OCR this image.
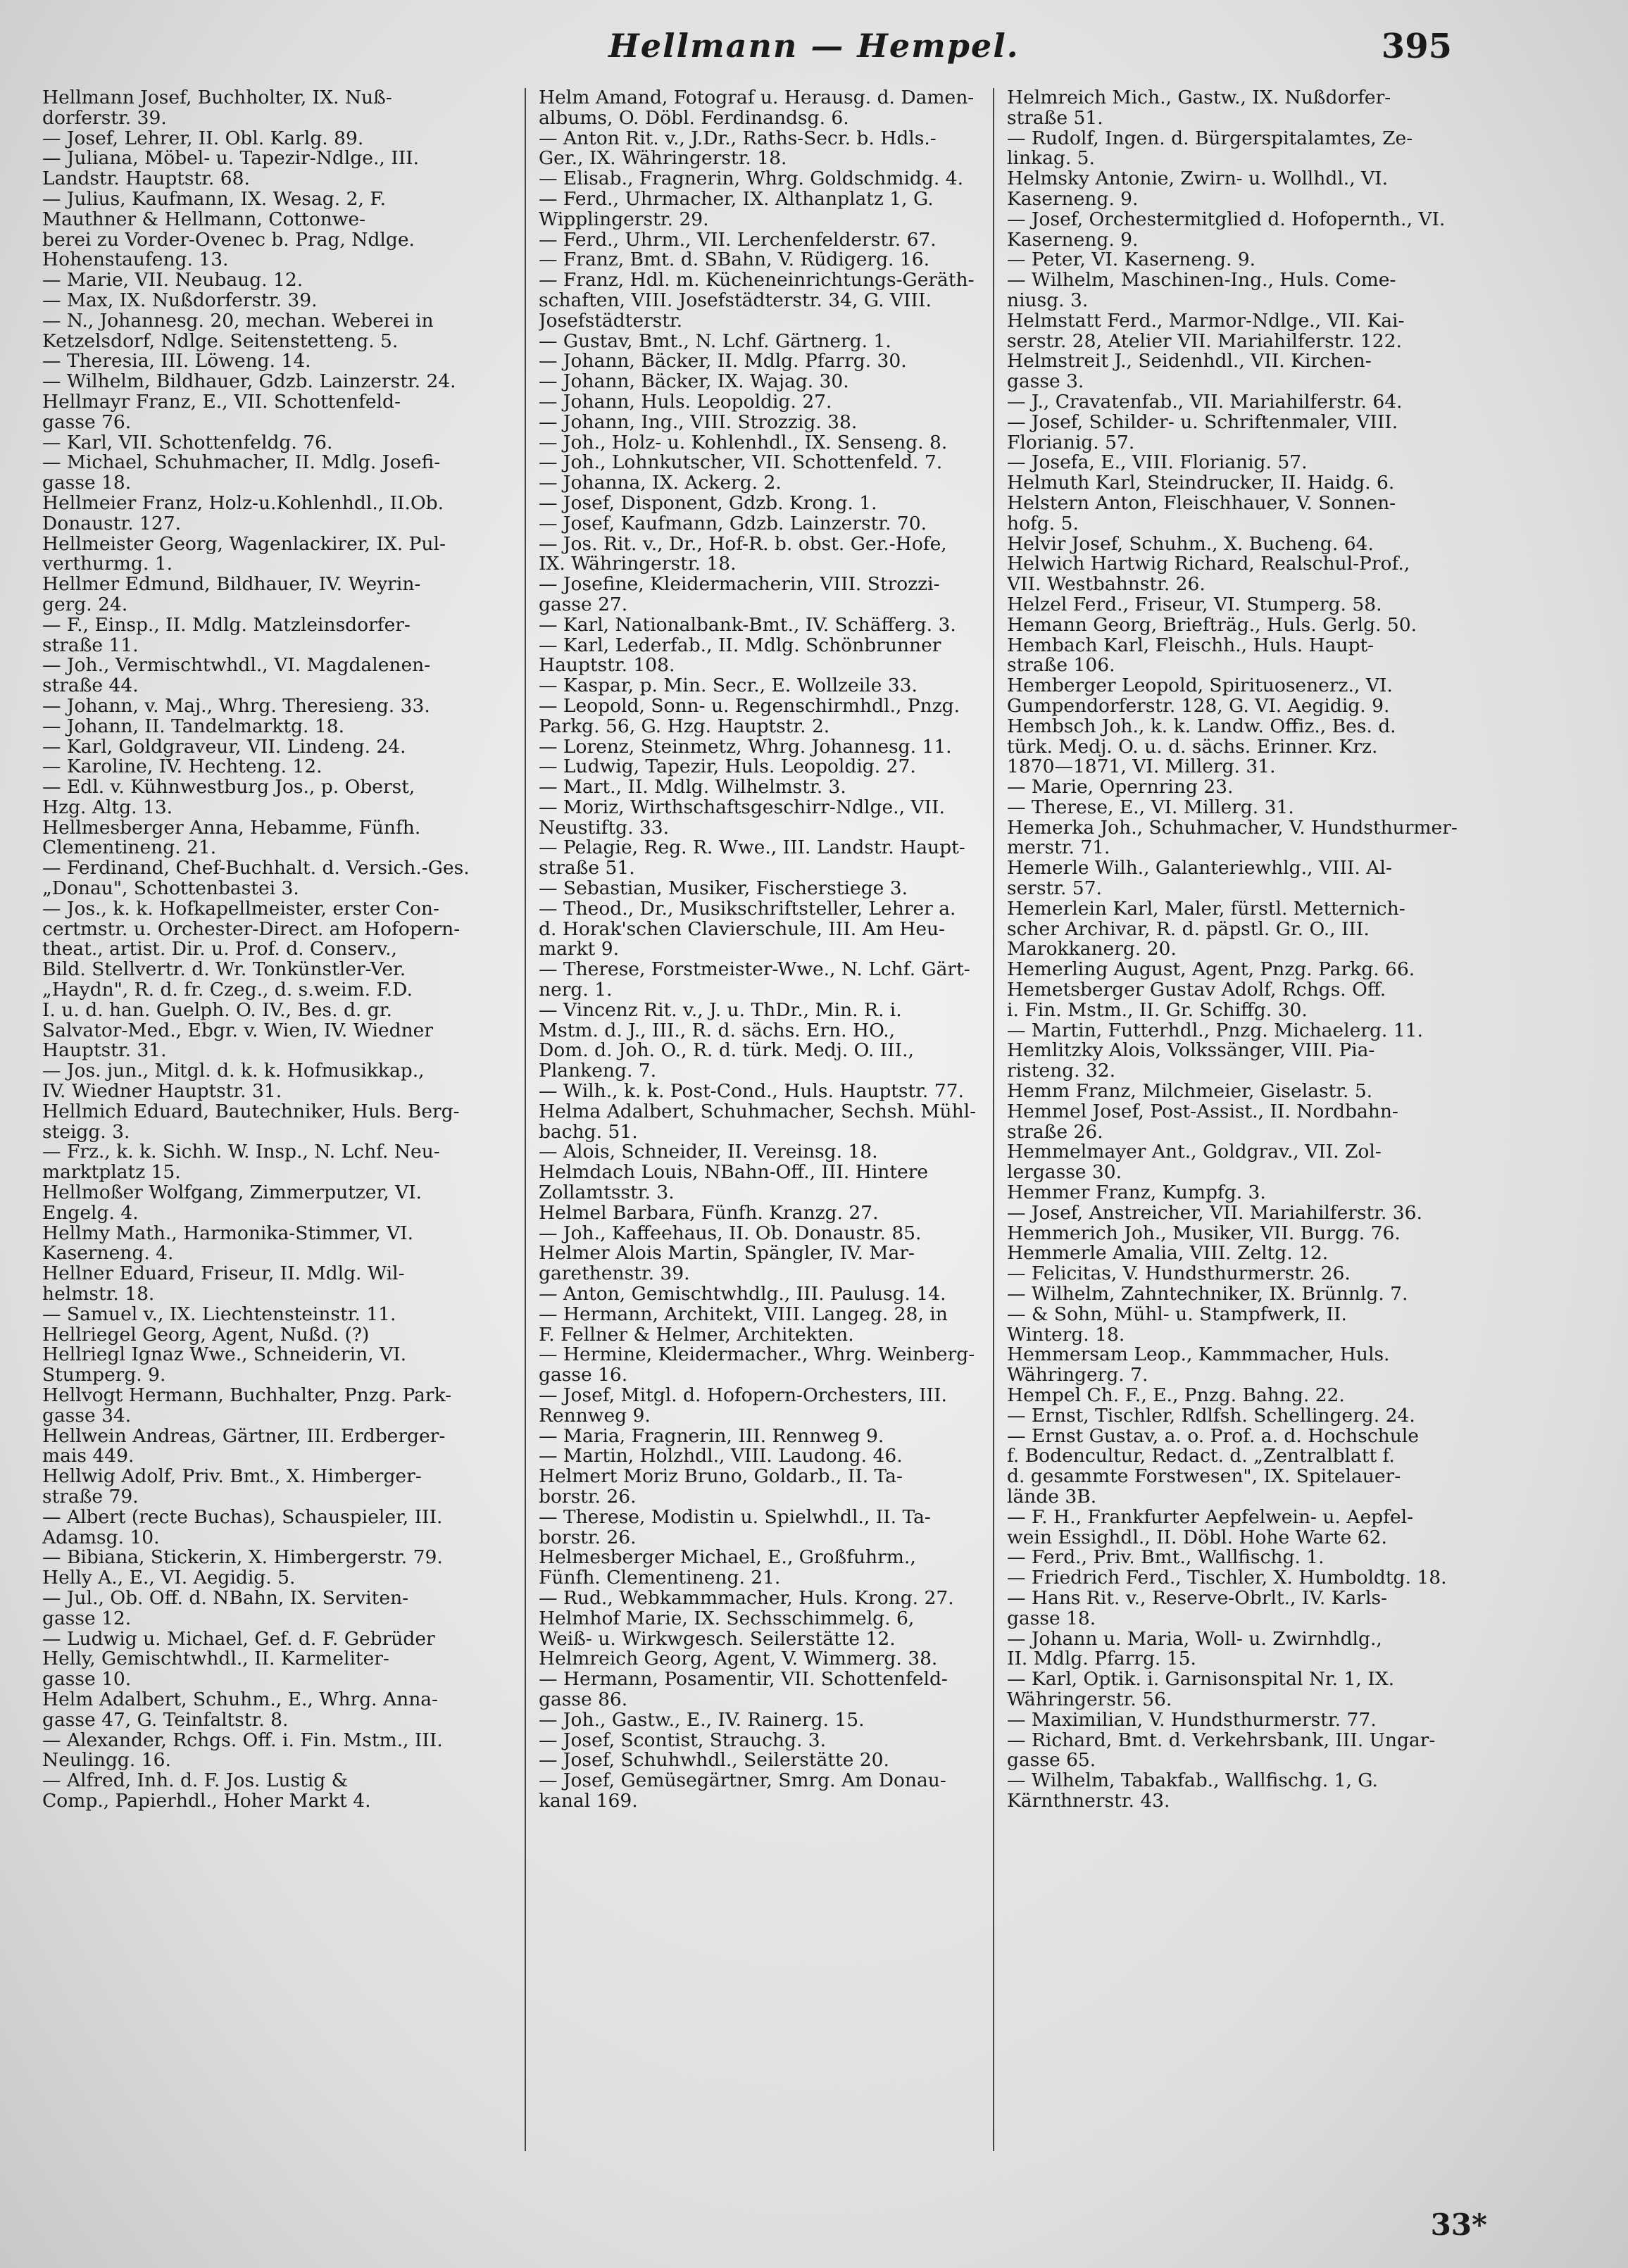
Hellmann — Hempel.	395
Hellmann Josef, Buchholter, IX. Nuß-
dorferstr. 39.
— Josef, Lehrer, II. Obl. Karlg. 89.
— Juliana, Möbel- u. Tapezir-Ndlge., III.
Landstr. Hauptstr. 68.
— Julius, Kaufmann, IX. Wesag. 2, F.
Mauthner & Hellmann, Cottonwe-
berei zu Vorder-Ovenec b. Prag, Ndlge.
Hohenstaufeng. 13.
— Marie, VII. Neubaug. 12.
— Max, IX. Nußdorferstr. 39.
— N., Johannesg. 20, mechan. Weberei in
Ketzelsdorf, Ndlge. Seitenstetteng. 5.
— Theresia, III. Löweng. 14.
— Wilhelm, Bildhauer, Gdzb. Lainzerstr. 24.
Hellmayr Franz, E., VII. Schottenfeld-
gasse 76.
— Karl, VII. Schottenfeldg. 76.
— Michael, Schuhmacher, II. Mdlg. Josefi-
gasse 18.
Hellmeier Franz, Holz-u.Kohlenhdl., II.Ob.
Donaustr. 127.
Hellmeister Georg, Wagenlackirer, IX. Pul-
verthurmg. 1.
Hellmer Edmund, Bildhauer, IV. Weyrin-
gerg. 24.
— F., Einsp., II. Mdlg. Matzleinsdorfer-
straße 11.
— Joh., Vermischtwhdl., VI. Magdalenen-
straße 44.
— Johann, v. Maj., Whrg. Theresieng. 33.
— Johann, II. Tandelmarktg. 18.
— Karl, Goldgraveur, VII. Lindeng. 24.
— Karoline, IV. Hechteng. 12.
— Edl. v. Kühnwestburg Jos., p. Oberst,
Hzg. Altg. 13.
Hellmesberger Anna, Hebamme, Fünfh.
Clementineng. 21.
— Ferdinand, Chef-Buchhalt. d. Versich.-Ges.
„Donau", Schottenbastei 3.
— Jos., k. k. Hofkapellmeister, erster Con-
certmstr. u. Orchester-Direct. am Hofopern-
theat., artist. Dir. u. Prof. d. Conserv.,
Bild. Stellvertr. d. Wr. Tonkünstler-Ver.
„Haydn", R. d. fr. Czeg., d. s.weim. F.D.
I. u. d. han. Guelph. O. IV., Bes. d. gr.
Salvator-Med., Ebgr. v. Wien, IV. Wiedner
Hauptstr. 31.
— Jos. jun., Mitgl. d. k. k. Hofmusikkap.,
IV. Wiedner Hauptstr. 31.
Hellmich Eduard, Bautechniker, Huls. Berg-
steigg. 3.
— Frz., k. k. Sichh. W. Insp., N. Lchf. Neu-
marktplatz 15.
Hellmoßer Wolfgang, Zimmerputzer, VI.
Engelg. 4.
Hellmy Math., Harmonika-Stimmer, VI.
Kaserneng. 4.
Hellner Eduard, Friseur, II. Mdlg. Wil-
helmstr. 18.
— Samuel v., IX. Liechtensteinstr. 11.
Hellriegel Georg, Agent, Nußd. (?)
Hellriegl Ignaz Wwe., Schneiderin, VI.
Stumperg. 9.
Hellvogt Hermann, Buchhalter, Pnzg. Park-
gasse 34.
Hellwein Andreas, Gärtner, III. Erdberger-
mais 449.
Hellwig Adolf, Priv. Bmt., X. Himberger-
straße 79.
— Albert (recte Buchas), Schauspieler, III.
Adamsg. 10.
— Bibiana, Stickerin, X. Himbergerstr. 79.
Helly A., E., VI. Aegidig. 5.
— Jul., Ob. Off. d. NBahn, IX. Serviten-
gasse 12.
— Ludwig u. Michael, Gef. d. F. Gebrüder
Helly, Gemischtwhdl., II. Karmeliter-
gasse 10.
Helm Adalbert, Schuhm., E., Whrg. Anna-
gasse 47, G. Teinfaltstr. 8.
— Alexander, Rchgs. Off. i. Fin. Mstm., III.
Neulingg. 16.
— Alfred, Inh. d. F. Jos. Lustig &
Comp., Papierhdl., Hoher Markt 4.
Helm Amand, Fotograf u. Herausg. d. Damen-
albums, O. Döbl. Ferdinandsg. 6.
— Anton Rit. v., J.Dr., Raths-Secr. b. Hdls.-
Ger., IX. Währingerstr. 18.
— Elisab., Fragnerin, Whrg. Goldschmidg. 4.
— Ferd., Uhrmacher, IX. Althanplatz 1, G.
Wipplingerstr. 29.
— Ferd., Uhrm., VII. Lerchenfelderstr. 67.
— Franz, Bmt. d. SBahn, V. Rüdigerg. 16.
— Franz, Hdl. m. Kücheneinrichtungs-Geräth-
schaften, VIII. Josefstädterstr. 34, G. VIII.
Josefstädterstr.
— Gustav, Bmt., N. Lchf. Gärtnerg. 1.
— Johann, Bäcker, II. Mdlg. Pfarrg. 30.
— Johann, Bäcker, IX. Wajag. 30.
— Johann, Huls. Leopoldig. 27.
— Johann, Ing., VIII. Strozzig. 38.
— Joh., Holz- u. Kohlenhdl., IX. Senseng. 8.
— Joh., Lohnkutscher, VII. Schottenfeld. 7.
— Johanna, IX. Ackerg. 2.
— Josef, Disponent, Gdzb. Krong. 1.
— Josef, Kaufmann, Gdzb. Lainzerstr. 70.
— Jos. Rit. v., Dr., Hof-R. b. obst. Ger.-Hofe,
IX. Währingerstr. 18.
— Josefine, Kleidermacherin, VIII. Strozzi-
gasse 27.
— Karl, Nationalbank-Bmt., IV. Schäfferg. 3.
— Karl, Lederfab., II. Mdlg. Schönbrunner
Hauptstr. 108.
— Kaspar, p. Min. Secr., E. Wollzeile 33.
— Leopold, Sonn- u. Regenschirmhdl., Pnzg.
Parkg. 56, G. Hzg. Hauptstr. 2.
— Lorenz, Steinmetz, Whrg. Johannesg. 11.
— Ludwig, Tapezir, Huls. Leopoldig. 27.
— Mart., II. Mdlg. Wilhelmstr. 3.
— Moriz, Wirthschaftsgeschirr-Ndlge., VII.
Neustiftg. 33.
— Pelagie, Reg. R. Wwe., III. Landstr. Haupt-
straße 51.
— Sebastian, Musiker, Fischerstiege 3.
— Theod., Dr., Musikschriftsteller, Lehrer a.
d. Horak'schen Clavierschule, III. Am Heu-
markt 9.
— Therese, Forstmeister-Wwe., N. Lchf. Gärt-
nerg. 1.
— Vincenz Rit. v., J. u. ThDr., Min. R. i.
Mstm. d. J., III., R. d. sächs. Ern. HO.,
Dom. d. Joh. O., R. d. türk. Medj. O. III.,
Plankeng. 7.
— Wilh., k. k. Post-Cond., Huls. Hauptstr. 77.
Helma Adalbert, Schuhmacher, Sechsh. Mühl-
bachg. 51.
— Alois, Schneider, II. Vereinsg. 18.
Helmdach Louis, NBahn-Off., III. Hintere
Zollamtsstr. 3.
Helmel Barbara, Fünfh. Kranzg. 27.
— Joh., Kaffeehaus, II. Ob. Donaustr. 85.
Helmer Alois Martin, Spängler, IV. Mar-
garethenstr. 39.
— Anton, Gemischtwhdlg., III. Paulusg. 14.
— Hermann, Architekt, VIII. Langeg. 28, in
F. Fellner & Helmer, Architekten.
— Hermine, Kleidermacher., Whrg. Weinberg-
gasse 16.
— Josef, Mitgl. d. Hofopern-Orchesters, III.
Rennweg 9.
— Maria, Fragnerin, III. Rennweg 9.
— Martin, Holzhdl., VIII. Laudong. 46.
Helmert Moriz Bruno, Goldarb., II. Ta-
borstr. 26.
— Therese, Modistin u. Spielwhdl., II. Ta-
borstr. 26.
Helmesberger Michael, E., Großfuhrm.,
Fünfh. Clementineng. 21.
— Rud., Webkammmacher, Huls. Krong. 27.
Helmhof Marie, IX. Sechsschimmelg. 6,
Weiß- u. Wirkwgesch. Seilerstätte 12.
Helmreich Georg, Agent, V. Wimmerg. 38.
— Hermann, Posamentir, VII. Schottenfeld-
gasse 86.
— Joh., Gastw., E., IV. Rainerg. 15.
— Josef, Scontist, Strauchg. 3.
— Josef, Schuhwhdl., Seilerstätte 20.
— Josef, Gemüsegärtner, Smrg. Am Donau-
kanal 169.
Helmreich Mich., Gastw., IX. Nußdorfer-
straße 51.
— Rudolf, Ingen. d. Bürgerspitalamtes, Ze-
linkag. 5.
Helmsky Antonie, Zwirn- u. Wollhdl., VI.
Kaserneng. 9.
— Josef, Orchestermitglied d. Hofopernth., VI.
Kaserneng. 9.
— Peter, VI. Kaserneng. 9.
— Wilhelm, Maschinen-Ing., Huls. Come-
niusg. 3.
Helmstatt Ferd., Marmor-Ndlge., VII. Kai-
serstr. 28, Atelier VII. Mariahilferstr. 122.
Helmstreit J., Seidenhdl., VII. Kirchen-
gasse 3.
— J., Cravatenfab., VII. Mariahilferstr. 64.
— Josef, Schilder- u. Schriftenmaler, VIII.
Florianig. 57.
— Josefa, E., VIII. Florianig. 57.
Helmuth Karl, Steindrucker, II. Haidg. 6.
Helstern Anton, Fleischhauer, V. Sonnen-
hofg. 5.
Helvir Josef, Schuhm., X. Bucheng. 64.
Helwich Hartwig Richard, Realschul-Prof.,
VII. Westbahnstr. 26.
Helzel Ferd., Friseur, VI. Stumperg. 58.
Hemann Georg, Briefträg., Huls. Gerlg. 50.
Hembach Karl, Fleischh., Huls. Haupt-
straße 106.
Hemberger Leopold, Spirituosenerz., VI.
Gumpendorferstr. 128, G. VI. Aegidig. 9.
Hembsch Joh., k. k. Landw. Offiz., Bes. d.
türk. Medj. O. u. d. sächs. Erinner. Krz.
1870—1871, VI. Millerg. 31.
— Marie, Opernring 23.
— Therese, E., VI. Millerg. 31.
Hemerka Joh., Schuhmacher, V. Hundsthurmer-
merstr. 71.
Hemerle Wilh., Galanteriewhlg., VIII. Al-
serstr. 57.
Hemerlein Karl, Maler, fürstl. Metternich-
scher Archivar, R. d. päpstl. Gr. O., III.
Marokkanerg. 20.
Hemerling August, Agent, Pnzg. Parkg. 66.
Hemetsberger Gustav Adolf, Rchgs. Off.
i. Fin. Mstm., II. Gr. Schiffg. 30.
— Martin, Futterhdl., Pnzg. Michaelerg. 11.
Hemlitzky Alois, Volkssänger, VIII. Pia-
risteng. 32.
Hemm Franz, Milchmeier, Giselastr. 5.
Hemmel Josef, Post-Assist., II. Nordbahn-
straße 26.
Hemmelmayer Ant., Goldgrav., VII. Zol-
lergasse 30.
Hemmer Franz, Kumpfg. 3.
— Josef, Anstreicher, VII. Mariahilferstr. 36.
Hemmerich Joh., Musiker, VII. Burgg. 76.
Hemmerle Amalia, VIII. Zeltg. 12.
— Felicitas, V. Hundsthurmerstr. 26.
— Wilhelm, Zahntechniker, IX. Brünnlg. 7.
— & Sohn, Mühl- u. Stampfwerk, II.
Winterg. 18.
Hemmersam Leop., Kammmacher, Huls.
Währingerg. 7.
Hempel Ch. F., E., Pnzg. Bahng. 22.
— Ernst, Tischler, Rdlfsh. Schellingerg. 24.
— Ernst Gustav, a. o. Prof. a. d. Hochschule
f. Bodencultur, Redact. d. „Zentralblatt f.
d. gesammte Forstwesen", IX. Spitelauer-
lände 3B.
— F. H., Frankfurter Aepfelwein- u. Aepfel-
wein Essighdl., II. Döbl. Hohe Warte 62.
— Ferd., Priv. Bmt., Wallfischg. 1.
— Friedrich Ferd., Tischler, X. Humboldtg. 18.
— Hans Rit. v., Reserve-Obrlt., IV. Karls-
gasse 18.
— Johann u. Maria, Woll- u. Zwirnhdlg.,
II. Mdlg. Pfarrg. 15.
— Karl, Optik. i. Garnisonspital Nr. 1, IX.
Währingerstr. 56.
— Maximilian, V. Hundsthurmerstr. 77.
— Richard, Bmt. d. Verkehrsbank, III. Ungar-
gasse 65.
— Wilhelm, Tabakfab., Wallfischg. 1, G.
Kärnthnerstr. 43.
33*
